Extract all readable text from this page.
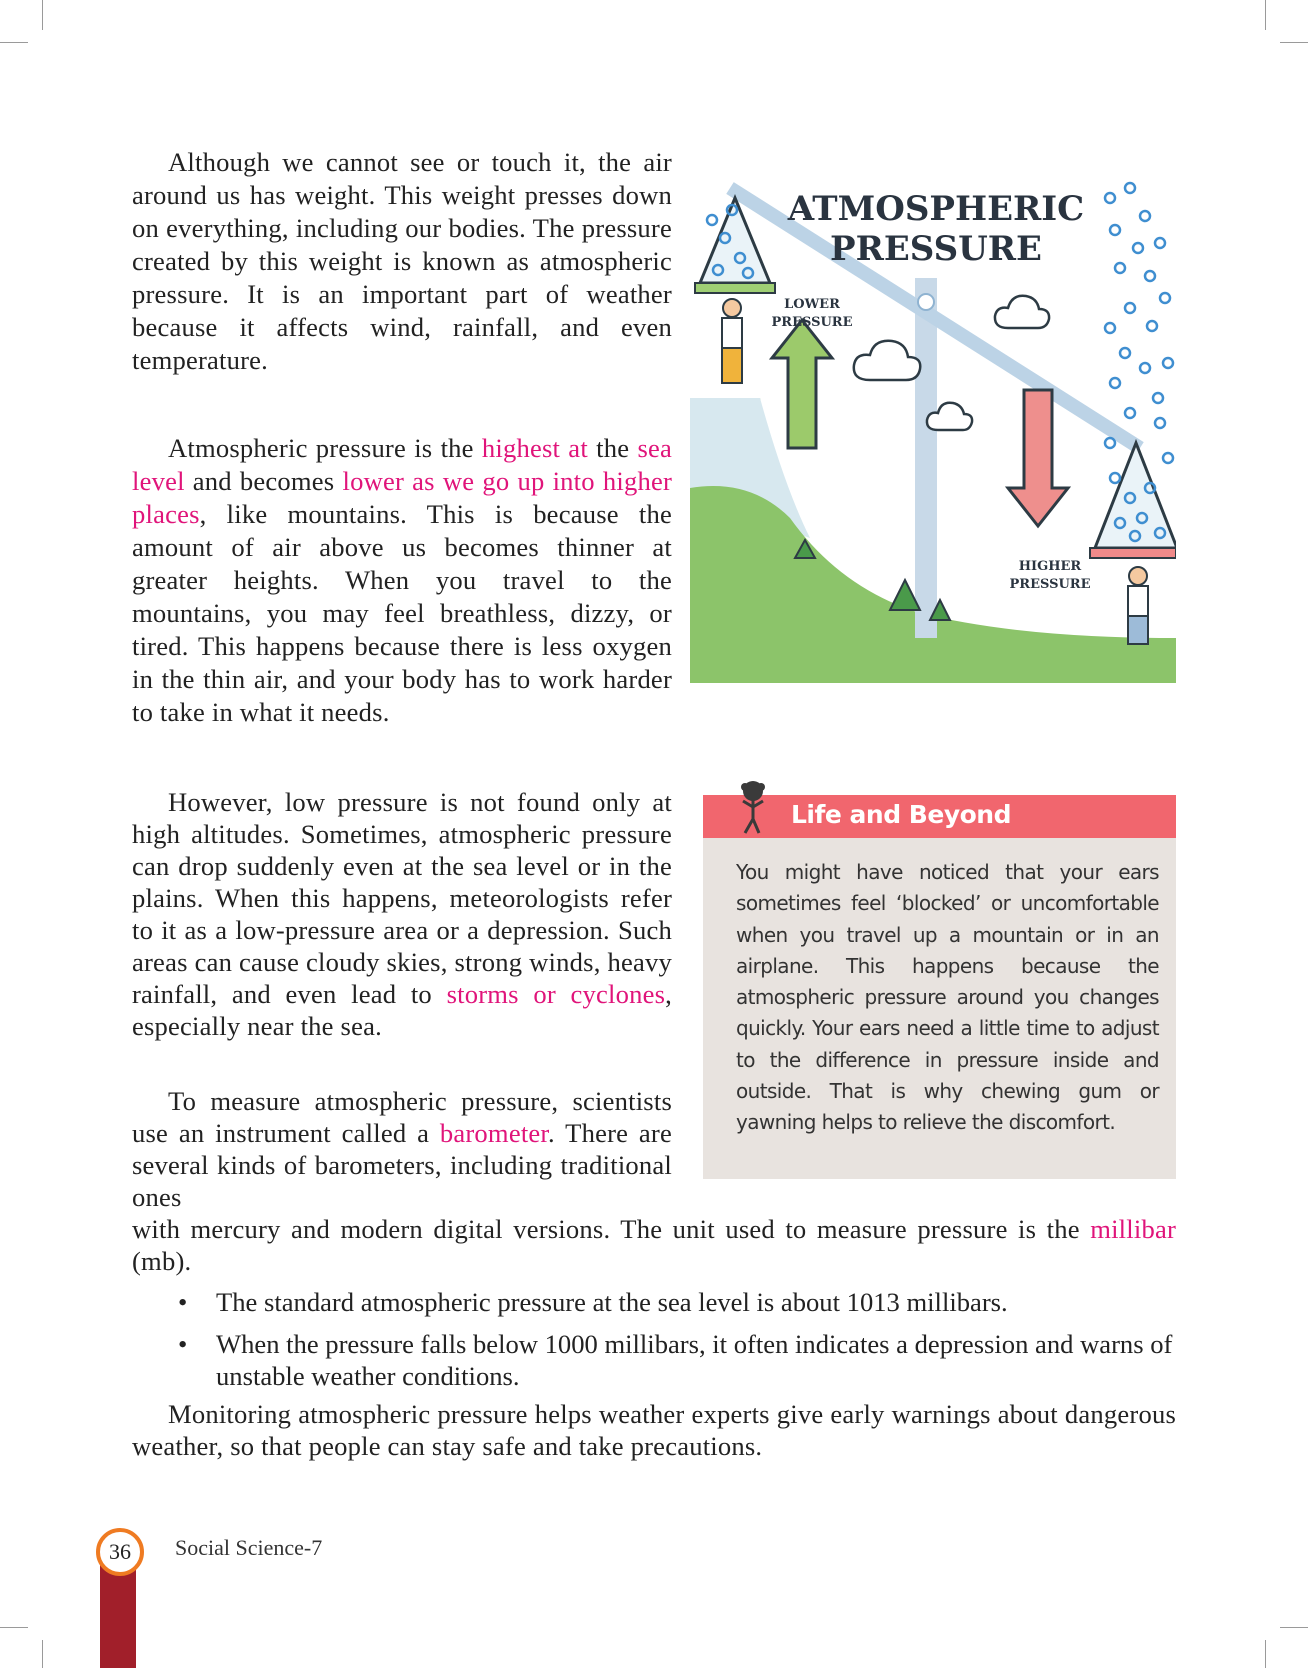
Although we cannot see or touch it, the air around us has weight. This weight presses down on everything, including our bodies. The pressure created by this weight is known as atmospheric pressure. It is an important part of weather because it affects wind, rainfall, and even temperature.

Atmospheric pressure is the highest at the sea level and becomes lower as we go up into higher places, like mountains. This is because the amount of air above us becomes thinner at greater heights. When you travel to the mountains, you may feel breathless, dizzy, or tired. This happens because there is less oxygen in the thin air, and your body has to work harder to take in what it needs.

However, low pressure is not found only at high altitudes. Sometimes, atmospheric pressure can drop suddenly even at the sea level or in the plains. When this happens, meteorologists refer to it as a low-pressure area or a depression. Such areas can cause cloudy skies, strong winds, heavy rainfall, and even lead to storms or cyclones, especially near the sea.

To measure atmospheric pressure, scientists use an instrument called a barometer. There are several kinds of barometers, including traditional ones

with mercury and modern digital versions. The unit used to measure pressure is the millibar (mb).

• The standard atmospheric pressure at the sea level is about 1013 millibars.
• When the pressure falls below 1000 millibars, it often indicates a depression and warns of unstable weather conditions.

Monitoring atmospheric pressure helps weather experts give early warnings about dangerous weather, so that people can stay safe and take precautions.

ATMOSPHERIC
PRESSURE
LOWER
PRESSURE
HIGHER
PRESSURE
Life and Beyond

You might have noticed that your ears sometimes feel ‘blocked’ or uncomfortable when you travel up a mountain or in an airplane. This happens because the atmospheric pressure around you changes quickly. Your ears need a little time to adjust to the difference in pressure inside and outside. That is why chewing gum or yawning helps to relieve the discomfort.

36	Social Science-7
